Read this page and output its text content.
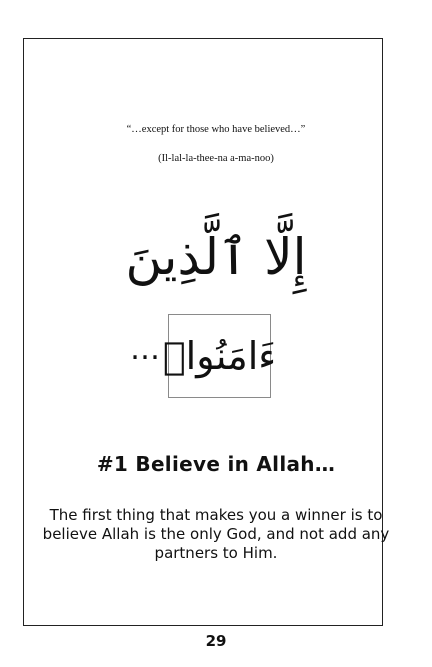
“…except for those who have believed…”
(Il-lal-la-thee-na a-ma-noo)
إِلَّا ٱلَّذِينَ
… ءَامَنُواۡ
#1 Believe in Allah…
The first thing that makes you a winner is to believe Allah is the only God, and not add any partners to Him.
29
